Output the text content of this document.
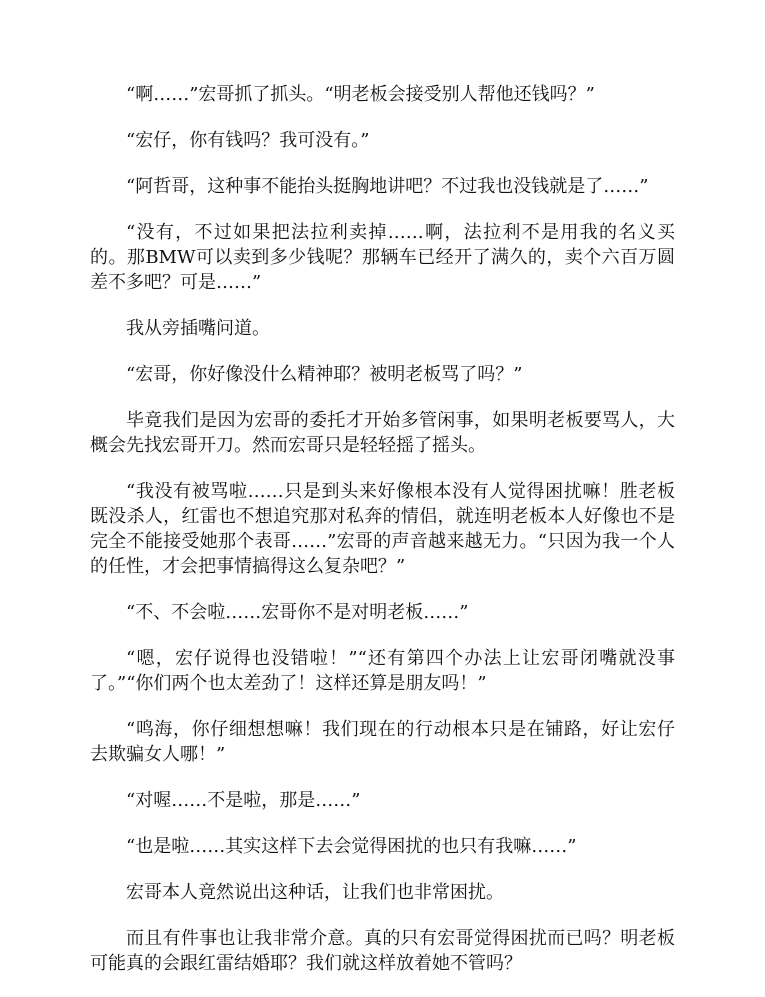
“啊……”宏哥抓了抓头。“明老板会接受别人帮他还钱吗？”

“宏仔，你有钱吗？我可没有。”

“阿哲哥，这种事不能抬头挺胸地讲吧？不过我也没钱就是了……”

“没有，不过如果把法拉利卖掉……啊，法拉利不是用我的名义买的。那BMW可以卖到多少钱呢？那辆车已经开了满久的，卖个六百万圆差不多吧？可是……”

我从旁插嘴问道。

“宏哥，你好像没什么精神耶？被明老板骂了吗？”

毕竟我们是因为宏哥的委托才开始多管闲事，如果明老板要骂人，大概会先找宏哥开刀。然而宏哥只是轻轻摇了摇头。

“我没有被骂啦……只是到头来好像根本没有人觉得困扰嘛！胜老板既没杀人，红雷也不想追究那对私奔的情侣，就连明老板本人好像也不是完全不能接受她那个表哥……”宏哥的声音越来越无力。“只因为我一个人的任性，才会把事情搞得这么复杂吧？”

“不、不会啦……宏哥你不是对明老板……”

“嗯，宏仔说得也没错啦！”“还有第四个办法上让宏哥闭嘴就没事了。”“你们两个也太差劲了！这样还算是朋友吗！”

“鸣海，你仔细想想嘛！我们现在的行动根本只是在铺路，好让宏仔去欺骗女人哪！”

“对喔……不是啦，那是……”

“也是啦……其实这样下去会觉得困扰的也只有我嘛……”

宏哥本人竟然说出这种话，让我们也非常困扰。

而且有件事也让我非常介意。真的只有宏哥觉得困扰而已吗？明老板可能真的会跟红雷结婚耶？我们就这样放着她不管吗？
